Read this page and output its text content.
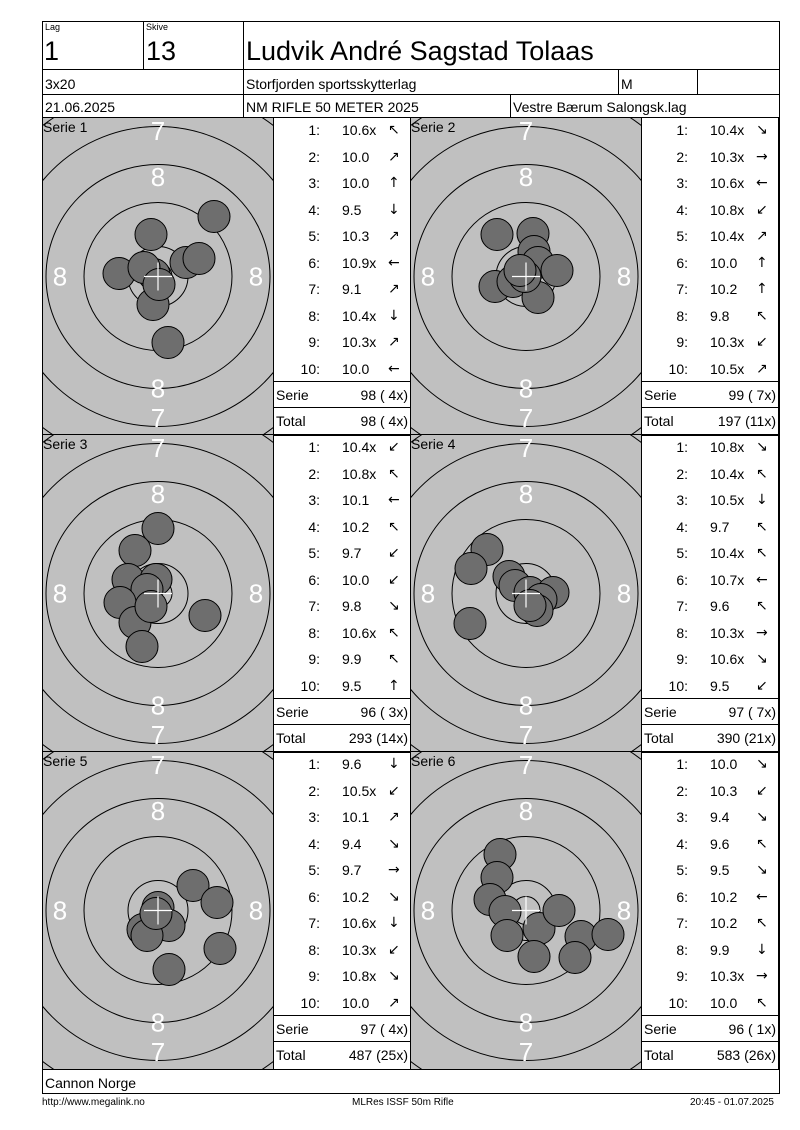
Lag
1
Skive
13	Ludvik André Sagstad Tolaas
3x20	Storfjorden sportsskytterlag	M
21.06.2025	NM RIFLE 50 METER 2025	Vestre Bærum Salongsk.lag
7
8
8	8
8
7
Serie 1	1: 10.6x ↖
2: 10.0 ↗
3: 10.0 ↑
4: 9.5 ↓
5: 10.3 ↗
6: 10.9x ←
7: 9.1 ↗
8: 10.4x ↓
9: 10.3x ↗
10: 10.0 ←
Serie	98 ( 4x)
Total	98 ( 4x)
7
8
8	8
8
7
Serie 2	1: 10.4x ↘
2: 10.3x →
3: 10.6x ←
4: 10.8x ↙
5: 10.4x ↗
6: 10.0 ↑
7: 10.2 ↑
8: 9.8 ↖
9: 10.3x ↙
10: 10.5x ↗
Serie	99 ( 7x)
Total	197 (11x)
7
8
8	8
8
7
Serie 3	1: 10.4x ↙
2: 10.8x ↖
3: 10.1 ←
4: 10.2 ↖
5: 9.7 ↙
6: 10.0 ↙
7: 9.8 ↘
8: 10.6x ↖
9: 9.9 ↖
10: 9.5 ↑
Serie	96 ( 3x)
Total	293 (14x)
7
8
8	8
8
7
Serie 4	1: 10.8x ↘
2: 10.4x ↖
3: 10.5x ↓
4: 9.7 ↖
5: 10.4x ↖
6: 10.7x ←
7: 9.6 ↖
8: 10.3x →
9: 10.6x ↘
10: 9.5 ↙
Serie	97 ( 7x)
Total	390 (21x)
7
8
8	8
8
7
Serie 5	1: 9.6 ↓
2: 10.5x ↙
3: 10.1 ↗
4: 9.4 ↘
5: 9.7 →
6: 10.2 ↘
7: 10.6x ↓
8: 10.3x ↙
9: 10.8x ↘
10: 10.0 ↗
Serie	97 ( 4x)
Total	487 (25x)
7
8
8	8
8
7
Serie 6	1: 10.0 ↘
2: 10.3 ↙
3: 9.4 ↘
4: 9.6 ↖
5: 9.5 ↘
6: 10.2 ←
7: 10.2 ↖
8: 9.9 ↓
9: 10.3x →
10: 10.0 ↖
Serie	96 ( 1x)
Total	583 (26x)
Cannon Norge
http://www.megalink.no	MLRes ISSF 50m Rifle	20:45 - 01.07.2025
